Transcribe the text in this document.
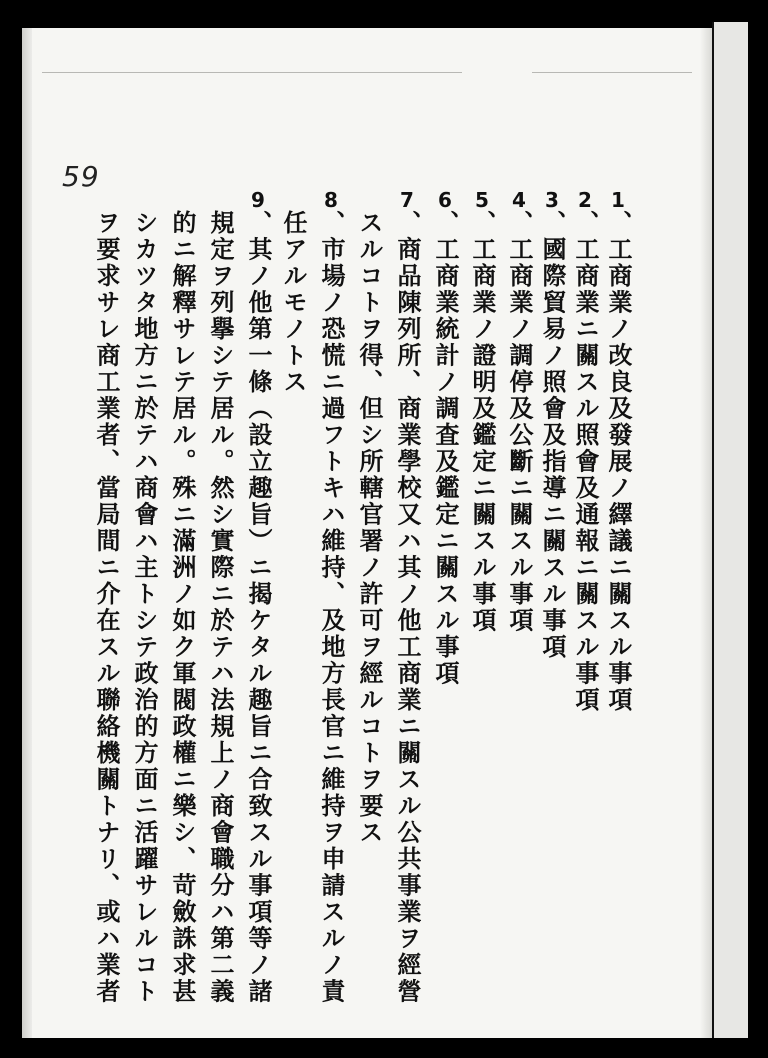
59
1、工商業ノ改良及發展ノ繹議ニ關スル事項
2、工商業ニ關スル照會及通報ニ關スル事項
3、國際貿易ノ照會及指導ニ關スル事項
4、工商業ノ調停及公斷ニ關スル事項
5、工商業ノ證明及鑑定ニ關スル事項
6、工商業統計ノ調査及鑑定ニ關スル事項
7、商品陳列所、商業學校又ハ其ノ他工商業ニ關スル公共事業ヲ經營
スルコトヲ得、但シ所轄官署ノ許可ヲ經ルコトヲ要ス
8、市場ノ恐慌ニ過フトキハ維持、及地方長官ニ維持ヲ申請スルノ責
任アルモノトス
9、其ノ他第一條（設立趣旨）ニ揭ケタル趣旨ニ合致スル事項等ノ諸
規定ヲ列擧シテ居ル。然シ實際ニ於テハ法規上ノ商會職分ハ第二義
的ニ解釋サレテ居ル。殊ニ滿洲ノ如ク軍閥政權ニ樂シ、苛斂誅求甚
シカツタ地方ニ於テハ商會ハ主トシテ政治的方面ニ活躍サレルコト
ヲ要求サレ商工業者、當局間ニ介在スル聯絡機關トナリ、或ハ業者
